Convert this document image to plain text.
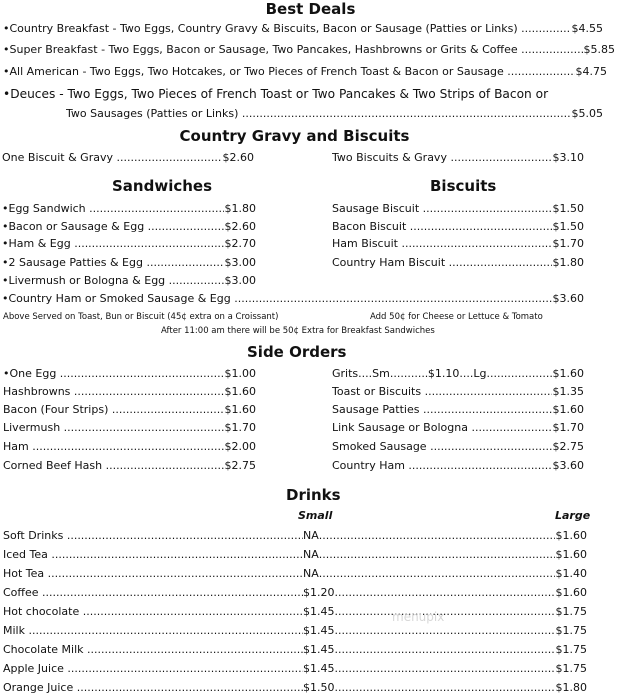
Best Deals
•Country Breakfast - Two Eggs, Country Gravy & Biscuits, Bacon or Sausage (Patties or Links) .....	$4.55
•Super Breakfast - Two Eggs, Bacon or Sausage, Two Pancakes, Hashbrowns or Grits & Coffee .....	$5.85
•All American - Two Eggs, Two Hotcakes, or Two Pieces of French Toast & Bacon or Sausage .....	$4.75
•Deuces - Two Eggs, Two Pieces of French Toast or Two Pancakes & Two Strips of Bacon or
Two Sausages (Patties or Links) .....	$5.05
Country Gravy and Biscuits
One Biscuit & Gravy .....	$2.60	Two Biscuits & Gravy .....	$3.10
Sandwiches	Biscuits
•Egg Sandwich .....	$1.80
•Bacon or Sausage & Egg .....	$2.60
•Ham & Egg .....	$2.70
•2 Sausage Patties & Egg .....	$3.00
•Livermush or Bologna & Egg .....	$3.00
•Country Ham or Smoked Sausage & Egg .....	$3.60
Sausage Biscuit .....	$1.50
Bacon Biscuit .....	$1.50
Ham Biscuit .....	$1.70
Country Ham Biscuit .....	$1.80
Above Served on Toast, Bun or Biscuit (45¢ extra on a Croissant)	Add 50¢ for Cheese or Lettuce & Tomato
After 11:00 am there will be 50¢ Extra for Breakfast Sandwiches
Side Orders
•One Egg .....	$1.00
Hashbrowns .....	$1.60
Bacon (Four Strips) .....	$1.60
Livermush .....	$1.70
Ham .....	$2.00
Corned Beef Hash .....	$2.75
Grits....Sm .....	$1.10 ....Lg .....	$1.60
Toast or Biscuits .....	$1.35
Sausage Patties .....	$1.60
Link Sausage or Bologna .....	$1.70
Smoked Sausage .....	$2.75
Country Ham .....	$3.60
Drinks
Small	Large
Soft Drinks .....	NA .....	$1.60
Iced Tea .....	NA .....	$1.60
Hot Tea .....	NA .....	$1.40
Coffee .....	$1.20 .....	$1.60
Hot chocolate .....	$1.45 .....	$1.75
Milk .....	$1.45 .....	$1.75
Chocolate Milk .....	$1.45 .....	$1.75
Apple Juice .....	$1.45 .....	$1.75
Orange Juice .....	$1.50 .....	$1.80
menupix
